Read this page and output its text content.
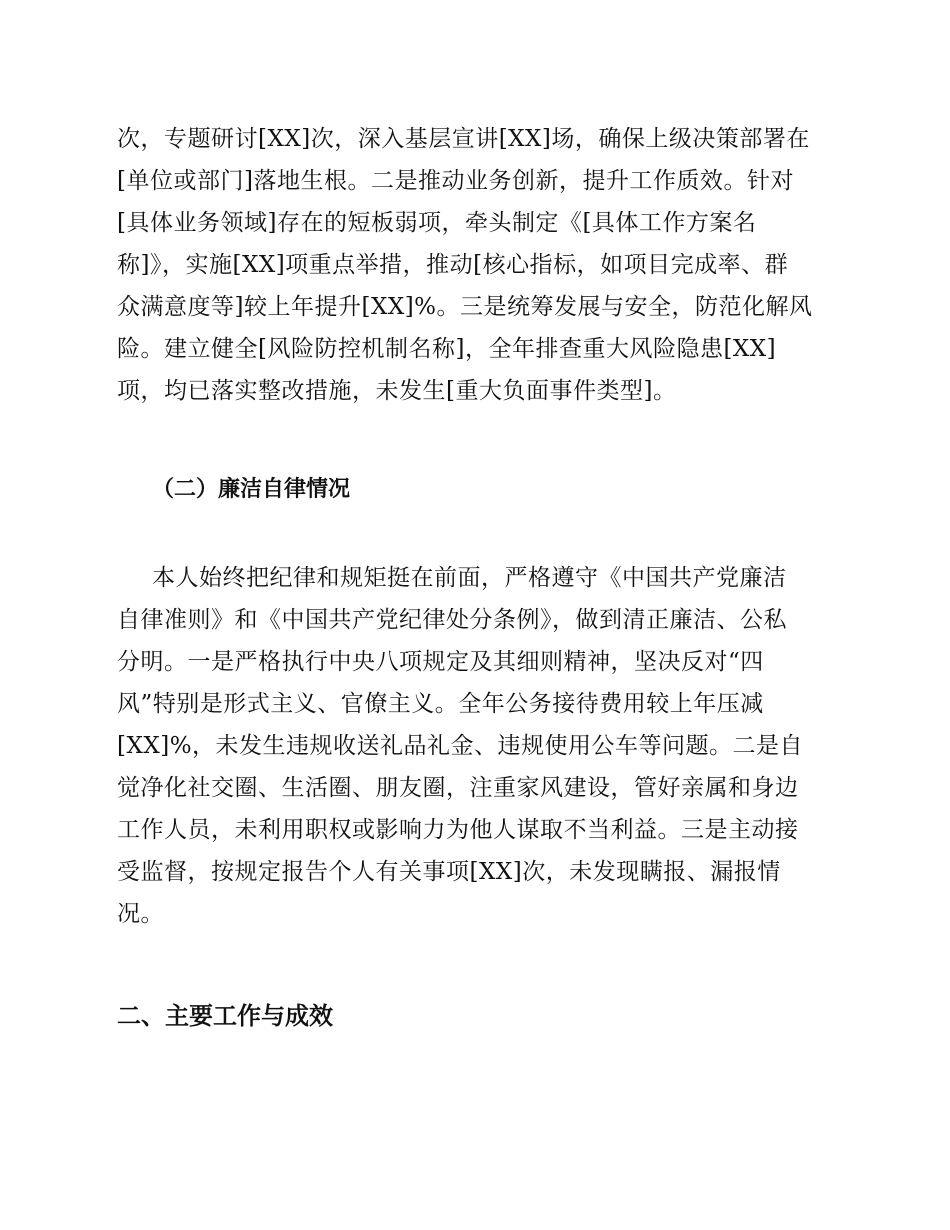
次，专题研讨[XX]次，深入基层宣讲[XX]场，确保上级决策部署在
[单位或部门]落地生根。二是推动业务创新，提升工作质效。针对
[具体业务领域]存在的短板弱项，牵头制定《[具体工作方案名
称]》，实施[XX]项重点举措，推动[核心指标，如项目完成率、群
众满意度等]较上年提升[XX]%。三是统筹发展与安全，防范化解风
险。建立健全[风险防控机制名称]，全年排查重大风险隐患[XX]
项，均已落实整改措施，未发生[重大负面事件类型]。
（二）廉洁自律情况
本人始终把纪律和规矩挺在前面，严格遵守《中国共产党廉洁
自律准则》和《中国共产党纪律处分条例》，做到清正廉洁、公私
分明。一是严格执行中央八项规定及其细则精神，坚决反对“四
风”特别是形式主义、官僚主义。全年公务接待费用较上年压减
[XX]%，未发生违规收送礼品礼金、违规使用公车等问题。二是自
觉净化社交圈、生活圈、朋友圈，注重家风建设，管好亲属和身边
工作人员，未利用职权或影响力为他人谋取不当利益。三是主动接
受监督，按规定报告个人有关事项[XX]次，未发现瞒报、漏报情
况。
二、主要工作与成效
